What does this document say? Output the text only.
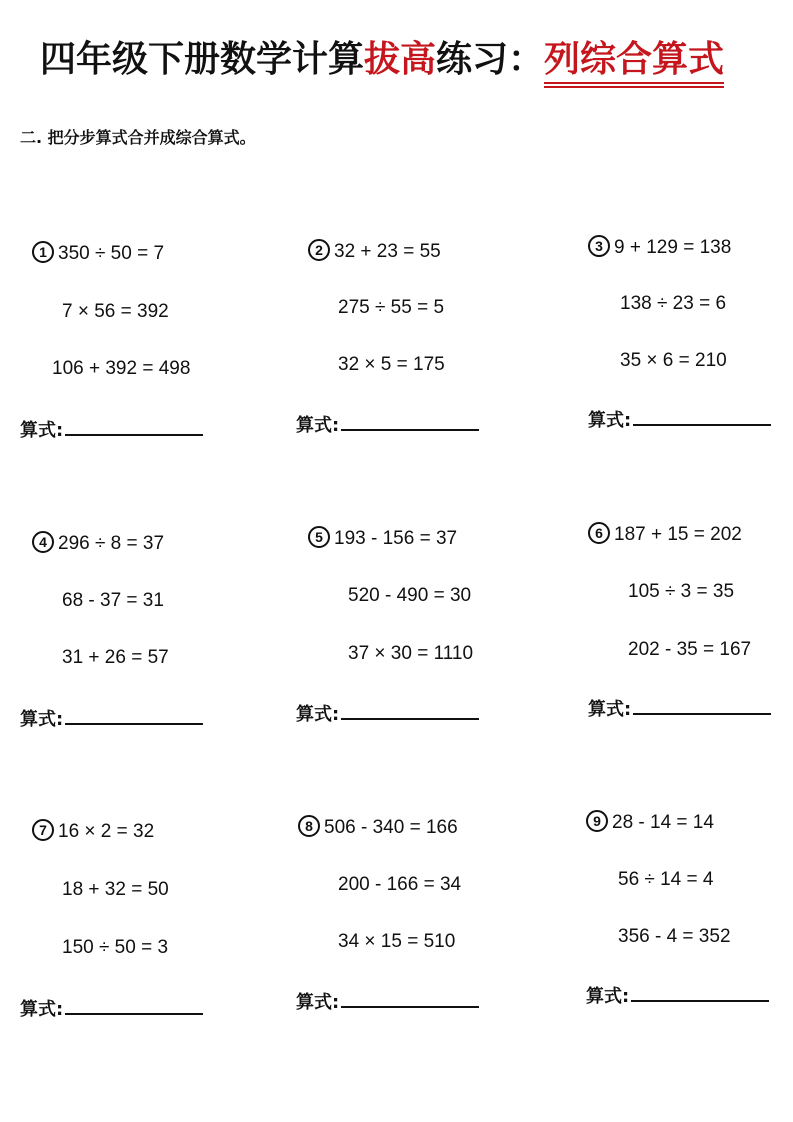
四年级下册数学计算拔高练习：列综合算式
二. 把分步算式合并成综合算式。
1 350 ÷ 50 = 7
7 × 56 = 392
106 + 392 = 498
算式:
2 32 + 23 = 55
275 ÷ 55 = 5
32 × 5 = 175
算式:
3 9 + 129 = 138
138 ÷ 23 = 6
35 × 6 = 210
算式:
4 296 ÷ 8 = 37
68 - 37 = 31
31 + 26 = 57
算式:
5 193 - 156 = 37
520 - 490 = 30
37 × 30 = 1110
算式:
6 187 + 15 = 202
105 ÷ 3 = 35
202 - 35 = 167
算式:
7 16 × 2 = 32
18 + 32 = 50
150 ÷ 50 = 3
算式:
8 506 - 340 = 166
200 - 166 = 34
34 × 15 = 510
算式:
9 28 - 14 = 14
56 ÷ 14 = 4
356 - 4 = 352
算式:
